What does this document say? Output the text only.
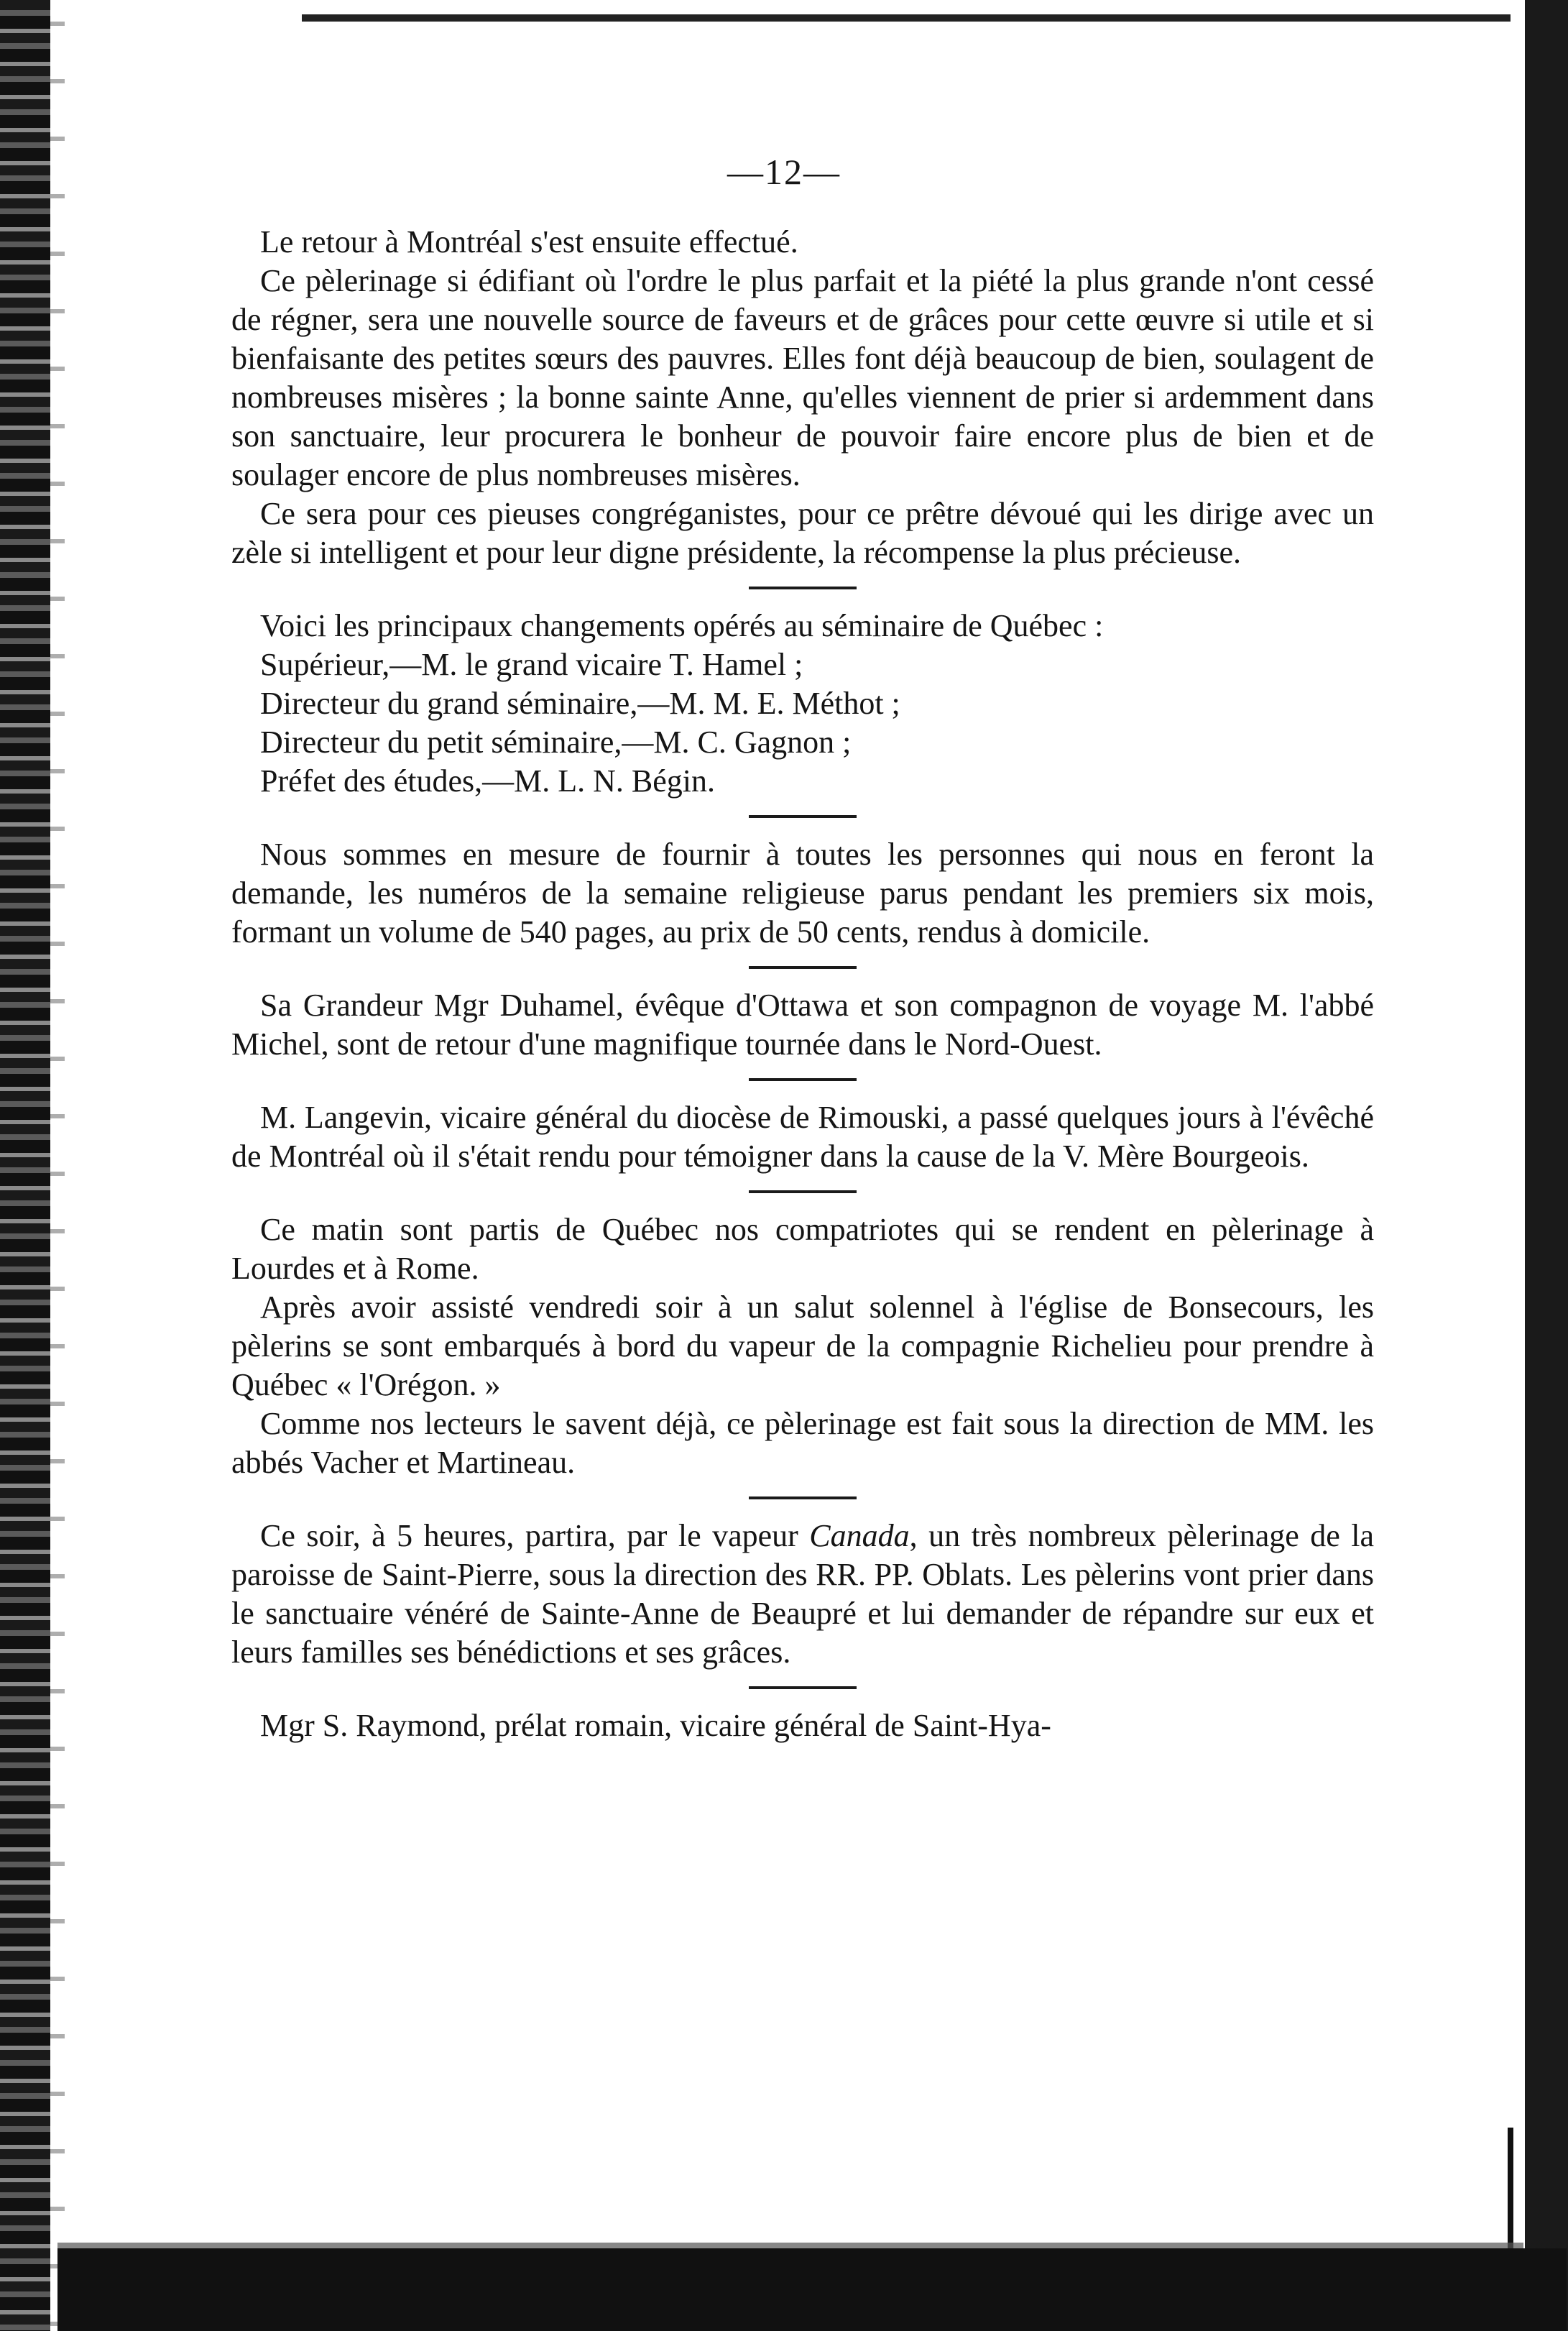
—12—

Le retour à Montréal s'est ensuite effectué.

Ce pèlerinage si édifiant où l'ordre le plus parfait et la piété la plus grande n'ont cessé de régner, sera une nouvelle source de faveurs et de grâces pour cette œuvre si utile et si bienfaisante des petites sœurs des pauvres. Elles font déjà beaucoup de bien, soulagent de nombreuses misères ; la bonne sainte Anne, qu'elles viennent de prier si ardemment dans son sanctuaire, leur procurera le bonheur de pouvoir faire encore plus de bien et de soulager encore de plus nombreuses misères.

Ce sera pour ces pieuses congréganistes, pour ce prêtre dévoué qui les dirige avec un zèle si intelligent et pour leur digne présidente, la récompense la plus précieuse.

Voici les principaux changements opérés au séminaire de Québec :

Supérieur,—M. le grand vicaire T. Hamel ;
Directeur du grand séminaire,—M. M. E. Méthot ;
Directeur du petit séminaire,—M. C. Gagnon ;
Préfet des études,—M. L. N. Bégin.

Nous sommes en mesure de fournir à toutes les personnes qui nous en feront la demande, les numéros de la semaine religieuse parus pendant les premiers six mois, formant un volume de 540 pages, au prix de 50 cents, rendus à domicile.

Sa Grandeur Mgr Duhamel, évêque d'Ottawa et son compagnon de voyage M. l'abbé Michel, sont de retour d'une magnifique tournée dans le Nord-Ouest.

M. Langevin, vicaire général du diocèse de Rimouski, a passé quelques jours à l'évêché de Montréal où il s'était rendu pour témoigner dans la cause de la V. Mère Bourgeois.

Ce matin sont partis de Québec nos compatriotes qui se rendent en pèlerinage à Lourdes et à Rome.

Après avoir assisté vendredi soir à un salut solennel à l'église de Bonsecours, les pèlerins se sont embarqués à bord du vapeur de la compagnie Richelieu pour prendre à Québec « l'Orégon. »

Comme nos lecteurs le savent déjà, ce pèlerinage est fait sous la direction de MM. les abbés Vacher et Martineau.

Ce soir, à 5 heures, partira, par le vapeur Canada, un très nombreux pèlerinage de la paroisse de Saint-Pierre, sous la direction des RR. PP. Oblats. Les pèlerins vont prier dans le sanctuaire vénéré de Sainte-Anne de Beaupré et lui demander de répandre sur eux et leurs familles ses bénédictions et ses grâces.

Mgr S. Raymond, prélat romain, vicaire général de Saint-Hya-
